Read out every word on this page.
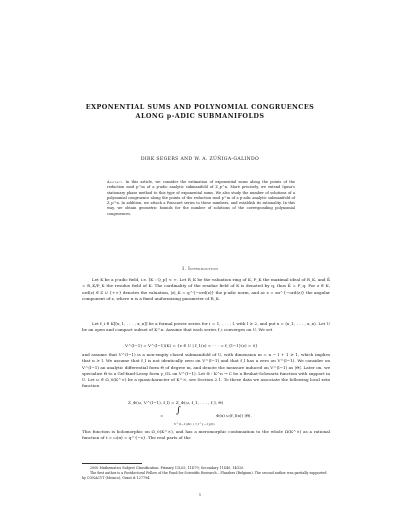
EXPONENTIAL SUMS AND POLYNOMIAL CONGRUENCES
ALONG p-ADIC SUBMANIFOLDS
DIRK SEGERS AND W. A. ZÚÑIGA-GALINDO
Abstract. In this article, we consider the estimation of exponential sums along the points of the reduction mod p^m of a p-adic analytic submanifold of Z_p^n. More precisely, we extend Igusa's stationary phase method to this type of exponential sums. We also study the number of solutions of a polynomial congruence along the points of the reduction mod p^m of a p-adic analytic submanifold of Z_p^n. In addition, we attach a Poincaré series to these numbers, and establish its rationality. In this way, we obtain geometric bounds for the number of solutions of the corresponding polynomial congruences.
1. Introduction
Let K be a p-adic field, i.e. [K : Q_p] < ∞. Let R_K be the valuation ring of K, P_K the maximal ideal of R_K, and K̄ = R_K/P_K the residue field of K. The cardinality of the residue field of K is denoted by q, thus K̄ = F_q. For z ∈ K, ord(z) ∈ Z ∪ {+∞} denotes the valuation, |z|_K = q^{−ord(z)} the p-adic norm, and ac z = zπ^{−ord(z)} the angular component of z, where π is a fixed uniformizing parameter of R_K.
Let f_i ∈ K[[x_1, . . . , x_n]] be a formal power series for i = 1, . . . , l, with l ≥ 2, and put x = (x_1, . . . , x_n). Let U be an open and compact subset of K^n. Assume that each series f_i converges on U. We set
V^(l−1) = V^(l−1)(K) = {z ∈ U | f_1(z) = · · · = f_{l−1}(z) = 0}
and assume that V^(l−1) is a non-empty closed submanifold of U, with dimension m = n − l + 1 ≥ 1, which implies that n ≥ l. We assume that f_l is not identically zero on V^(l−1) and that f_l has a zero on V^(l−1). We consider on V^(l−1) an analytic differential form Θ of degree m, and denote the measure induced on V^(l−1) as |Θ|. Later on, we specialize Θ to a Gel'fand-Leray form γ_GL on V^(l−1). Let Φ : K^n → C be a Bruhat-Schwartz function with support in U. Let ω ∈ Ω_0(K^×) be a quasicharacter of K^×, see Section 2.1. To these data we associate the following local zeta function
Z_Φ(ω, V^(l−1), f_l) = Z_Φ(ω, f_1, . . . , f_l, Θ)
= ∫	Φ(x) ω(f_l(x)) |Θ|.
V^(l−1)(K) ∖ f_l^{−1}(0)
This function is holomorphic on Ω_0(K^×), and has a meromorphic continuation to the whole Ω(K^×) as a rational function of t = ω(π) = q^{−s}. The real parts of the
2000 Mathematics Subject Classification. Primary 11L05, 11D79; Secondary 11S40, 14G20.
The first author is a Postdoctoral Fellow of the Fund for Scientific Research – Flanders (Belgium). The second author was partially supported by CONACYT (Mexico), Grant # 127794.
1
